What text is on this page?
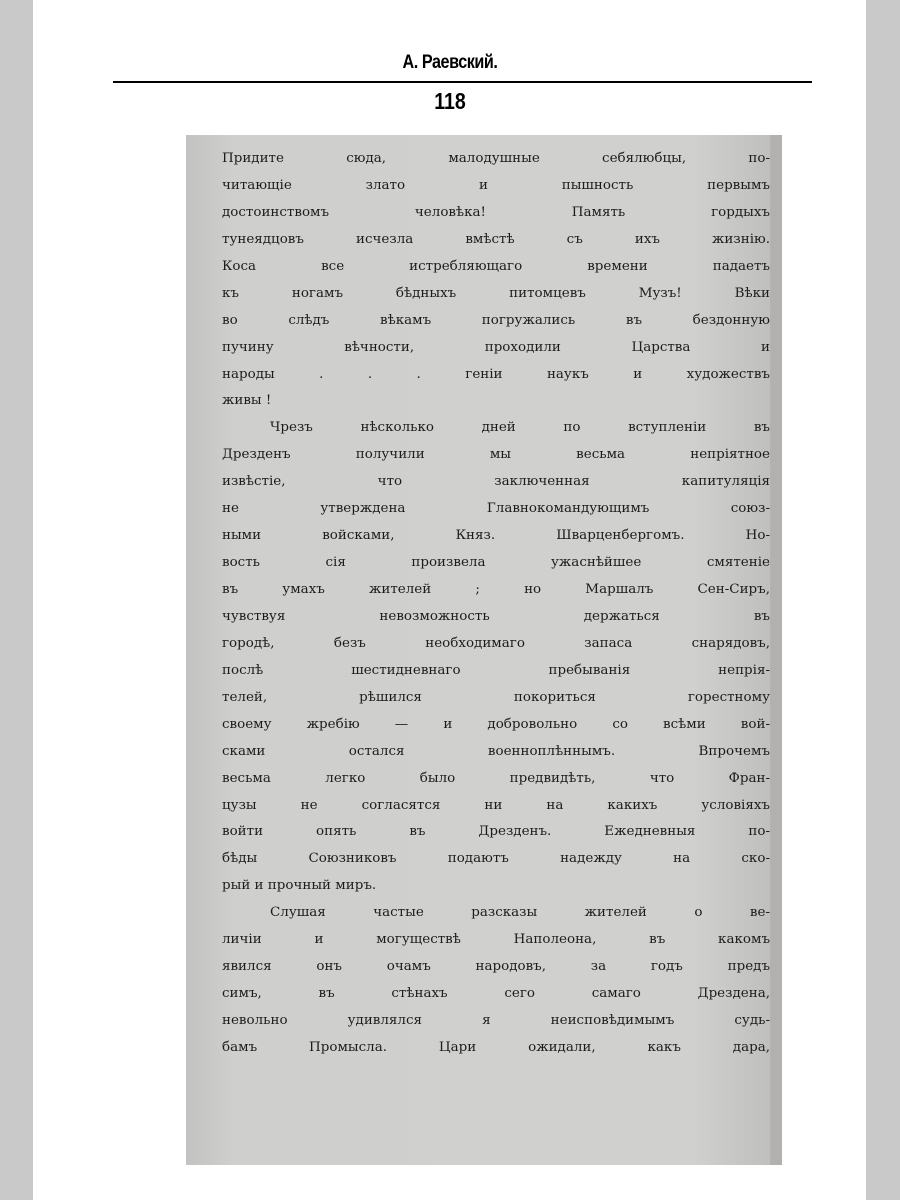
А. Раевский.
118
Придите сюда, малодушные себялюбцы, по-
читающіе злато и пышность первымъ
достоинствомъ человѣка! Память гордыхъ
тунеядцовъ исчезла вмѣстѣ съ ихъ жизнію.
Коса все истребляющаго времени падаетъ
къ ногамъ бѣдныхъ питомцевъ Музъ! Вѣки
во слѣдъ вѣкамъ погружались въ бездонную
пучину вѣчности, проходили Царства и
народы . . . геніи наукъ и художествъ
живы !
Чрезъ нѣсколько дней по вступленіи въ
Дрезденъ получили мы весьма непріятное
извѣстіе, что заключенная капитуляція
не утверждена Главнокомандующимъ союз-
ными войсками, Княз. Шварценбергомъ. Но-
вость сія произвела ужаснѣйшее смятеніе
въ умахъ жителей ; но Маршалъ Сен-Сиръ,
чувствуя невозможность держаться въ
городѣ, безъ необходимаго запаса снарядовъ,
послѣ шестидневнаго пребыванія непрія-
телей, рѣшился покориться горестному
своему жребію — и добровольно со всѣми вой-
сками остался военноплѣннымъ. Впрочемъ
весьма легко было предвидѣть, что Фран-
цузы не согласятся ни на какихъ условіяхъ
войти опять въ Дрезденъ. Ежедневныя по-
бѣды Союзниковъ подаютъ надежду на ско-
рый и прочный миръ.
Слушая частые разсказы жителей о ве-
личіи и могуществѣ Наполеона, въ какомъ
явился онъ очамъ народовъ, за годъ предъ
симъ, въ стѣнахъ сего самаго Дрездена,
невольно удивлялся я неисповѣдимымъ судь-
бамъ Промысла. Цари ожидали, какъ дара,
